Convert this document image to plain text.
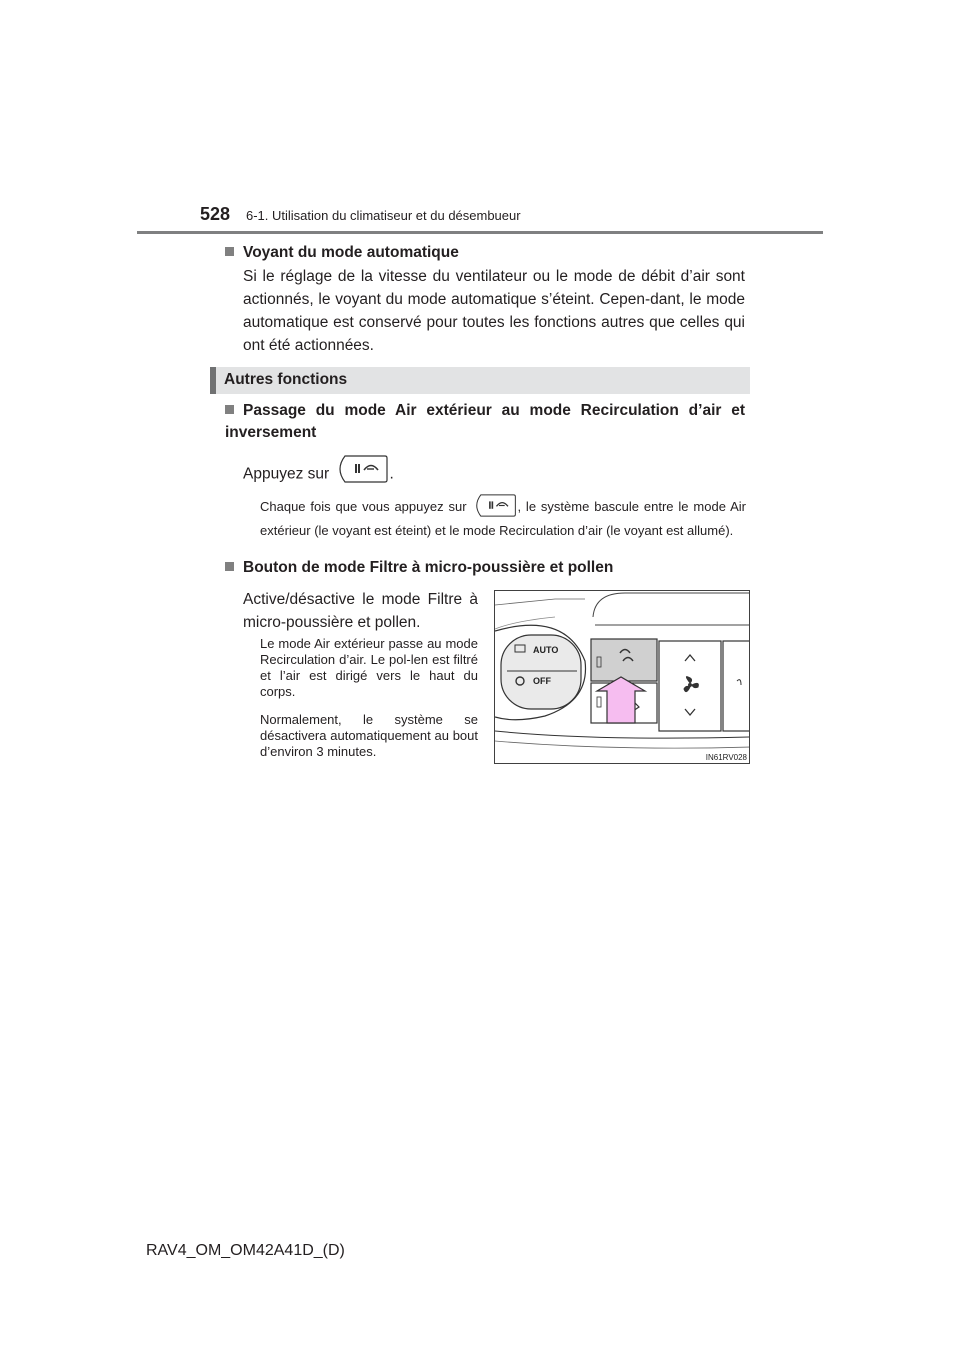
528 6-1. Utilisation du climatiseur et du désembueur
Voyant du mode automatique
Si le réglage de la vitesse du ventilateur ou le mode de débit d’air sont actionnés, le voyant du mode automatique s’éteint. Cepen-dant, le mode automatique est conservé pour toutes les fonctions autres que celles qui ont été actionnées.
Autres fonctions
Passage du mode Air extérieur au mode Recirculation d’air et inversement
Appuyez sur	.
Chaque fois que vous appuyez sur	, le système bascule entre le mode Air extérieur (le voyant est éteint) et le mode Recirculation d’air (le voyant est allumé).
Bouton de mode Filtre à micro-poussière et pollen
Active/désactive le mode Filtre à micro-poussière et pollen.
Le mode Air extérieur passe au mode Recirculation d’air. Le pol-len est filtré et l’air est dirigé vers le haut du corps.
Normalement, le système se désactivera automatiquement au bout d’environ 3 minutes.
AUTO
OFF
IN61RV028
RAV4_OM_OM42A41D_(D)
